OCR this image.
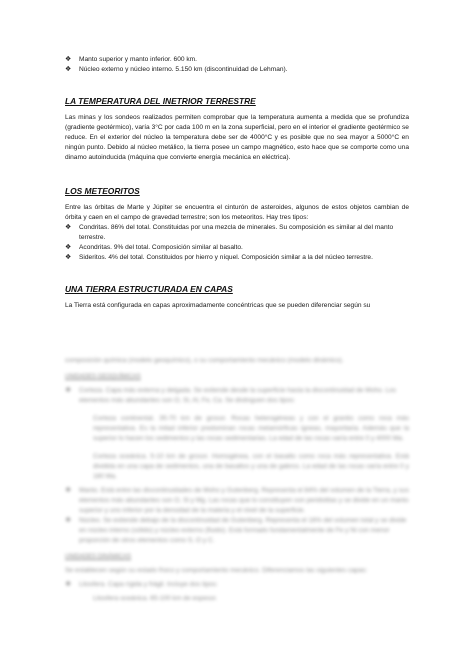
❖	Manto superior y manto inferior. 600 km.
❖	Núcleo externo y núcleo interno. 5.150 km (discontinuidad de Lehman).
LA TEMPERATURA DEL INETRIOR TERRESTRE

Las minas y los sondeos realizados permiten comprobar que la temperatura aumenta a medida que se profundiza (gradiente geotérmico), varía 3°C por cada 100 m en la zona superficial, pero en el interior el gradiente geotérmico se reduce. En el exterior del núcleo la temperatura debe ser de 4000°C y es posible que no sea mayor a 5000°C en ningún punto. Debido al núcleo metálico, la tierra posee un campo magnético, esto hace que se comporte como una dinamo autoinducida (máquina que convierte energía mecánica en eléctrica).

LOS METEORITOS

Entre las órbitas de Marte y Júpiter se encuentra el cinturón de asteroides, algunos de estos objetos cambian de órbita y caen en el campo de gravedad terrestre; son los meteoritos. Hay tres tipos:

❖	Condritas. 86% del total. Constituidas por una mezcla de minerales. Su composición es similar al del manto terrestre.
❖	Acondritas. 9% del total. Composición similar al basalto.
❖	Sideritos. 4% del total. Constituidos por hierro y níquel. Composición similar a la del núcleo terrestre.
UNA TIERRA ESTRUCTURADA EN CAPAS

La Tierra está configurada en capas aproximadamente concéntricas que se pueden diferenciar según su

composición química (modelo geoquímico), o su comportamiento mecánico (modelo dinámico).

UNIDADES GEOQUÍMICAS
❖	Corteza. Capa más externa y delgada. Se extiende desde la superficie hasta la discontinuidad de Moho. Los elementos más abundantes son O, Si, Al, Fe, Ca. Se distinguen dos tipos:

Corteza continental. 35-70 km de grosor. Rocas heterogéneas y con el granito como roca más representativa. Es la mitad inferior predominan rocas metamórficas ígneas, mayoritaria. Además que la superior lo hacen los sedimentos y las rocas sedimentarias. La edad de las rocas varía entre 0 y 4000 Ma.

Corteza oceánica. 5-10 km de grosor. Homogénea, con el basalto como roca más representativa. Está dividida en una capa de sedimentos, una de basaltos y una de gabros. La edad de las rocas varía entre 0 y 180 Ma.

❖	Manto. Está entre las discontinuidades de Moho y Gutenberg. Representa el 84% del volumen de la Tierra, y sus elementos más abundantes son O, Si y Mg. Las rocas que lo constituyen son peridotitas y se divide en un manto superior y uno inferior por la densidad de la materia y el nivel de la superficie.
❖	Núcleo. Se extiende debajo de la discontinuidad de Gutenberg. Representa el 16% del volumen total y se divide en núcleo interno (sólido) y núcleo externo (fluido). Está formado fundamentalmente de Fe y Ni con menor proporción de otros elementos como S, O y C.
UNIDADES DINÁMICAS

Se establecen según su estado físico y comportamiento mecánico. Diferenciamos las siguientes capas:

❖	Litosfera. Capa rígida y frágil. Incluye dos tipos:

Litosfera oceánica. 65-100 km de espesor.
